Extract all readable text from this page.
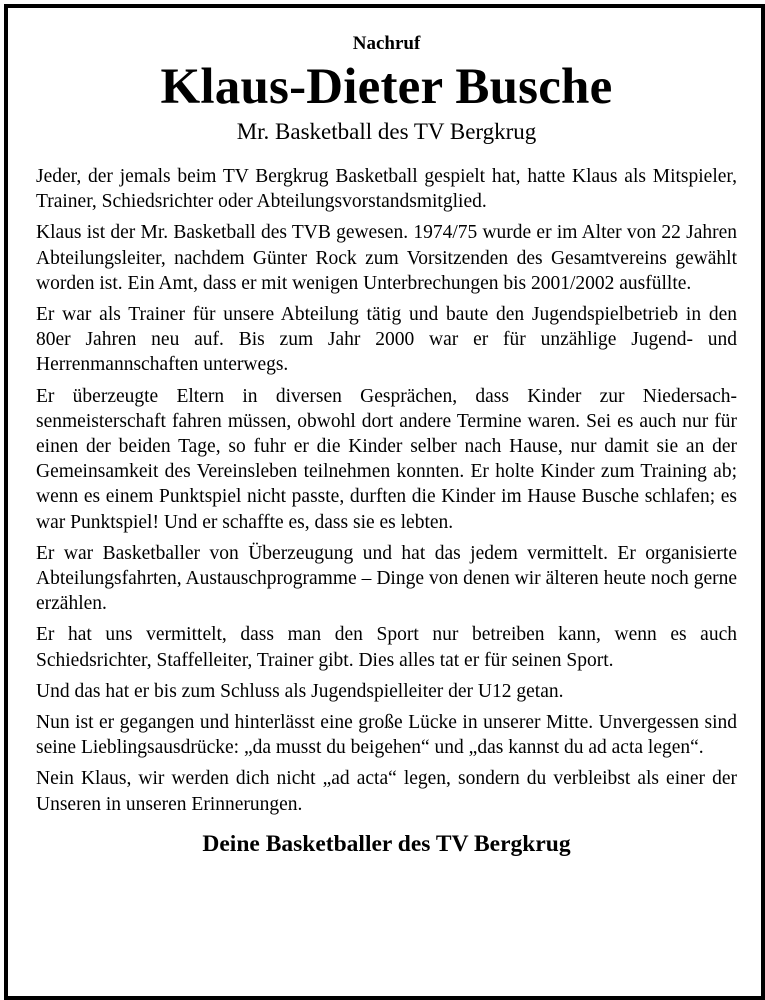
Nachruf
Klaus-Dieter Busche
Mr. Basketball des TV Bergkrug

Jeder, der jemals beim TV Bergkrug Basketball gespielt hat, hatte Klaus als Mitspieler, Trainer, Schiedsrichter oder Abteilungsvorstandsmitglied.

Klaus ist der Mr. Basketball des TVB gewesen. 1974/75 wurde er im Alter von 22 Jahren Abteilungsleiter, nachdem Günter Rock zum Vorsitzenden des Gesamtvereins gewählt worden ist. Ein Amt, dass er mit wenigen Unterbrechungen bis 2001/2002 ausfüllte.

Er war als Trainer für unsere Abteilung tätig und baute den Jugendspielbetrieb in den 80er Jahren neu auf. Bis zum Jahr 2000 war er für unzählige Jugend- und Herrenmannschaften unterwegs.

Er überzeugte Eltern in diversen Gesprächen, dass Kinder zur Niedersachsenmeisterschaft fahren müssen, obwohl dort andere Termine waren. Sei es auch nur für einen der beiden Tage, so fuhr er die Kinder selber nach Hause, nur damit sie an der Gemeinsamkeit des Vereinsleben teilnehmen konnten. Er holte Kinder zum Training ab; wenn es einem Punktspiel nicht passte, durften die Kinder im Hause Busche schlafen; es war Punktspiel! Und er schaffte es, dass sie es lebten.

Er war Basketballer von Überzeugung und hat das jedem vermittelt. Er organisierte Abteilungsfahrten, Austauschprogramme – Dinge von denen wir älteren heute noch gerne erzählen.

Er hat uns vermittelt, dass man den Sport nur betreiben kann, wenn es auch Schiedsrichter, Staffelleiter, Trainer gibt. Dies alles tat er für seinen Sport.

Und das hat er bis zum Schluss als Jugendspielleiter der U12 getan.

Nun ist er gegangen und hinterlässt eine große Lücke in unserer Mitte. Unvergessen sind seine Lieblingsausdrücke: „da musst du beigehen“ und „das kannst du ad acta legen“.

Nein Klaus, wir werden dich nicht „ad acta“ legen, sondern du verbleibst als einer der Unseren in unseren Erinnerungen.

Deine Basketballer des TV Bergkrug
